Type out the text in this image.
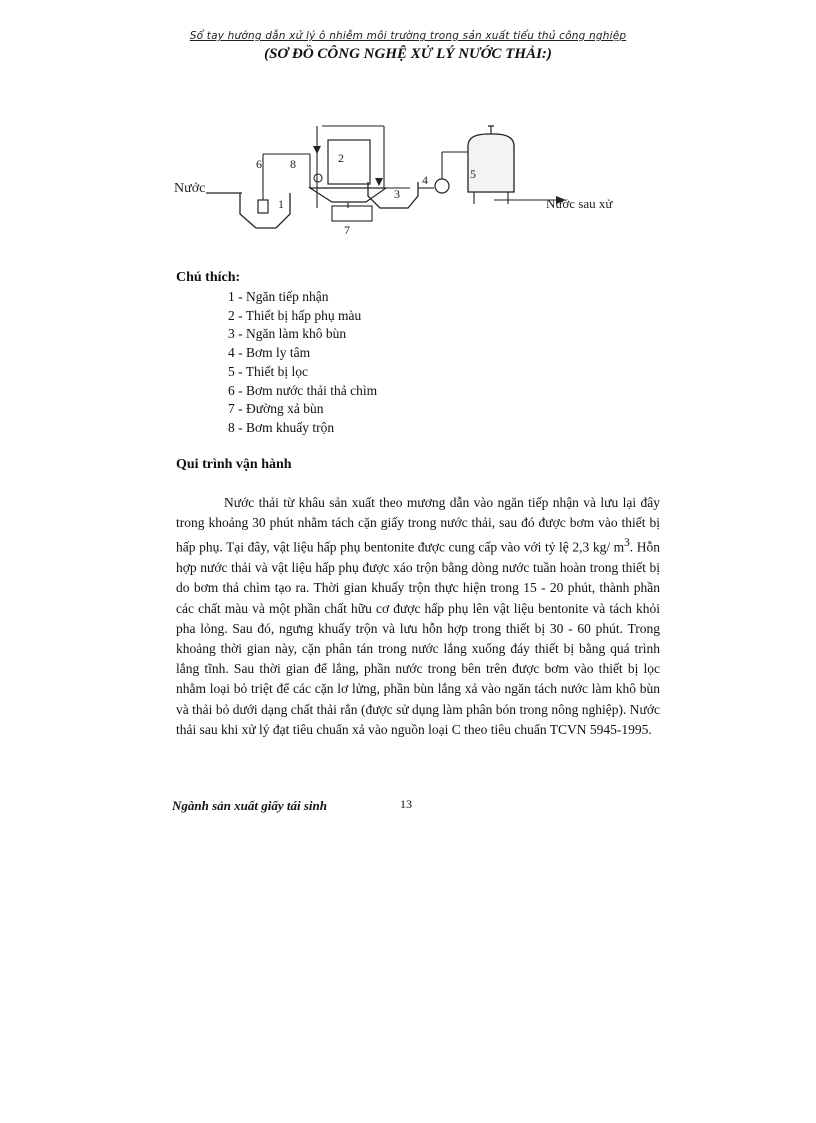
Sổ tay hướng dẫn xử lý ô nhiễm môi trường trong sản xuất tiểu thủ công nghiệp
(SƠ ĐỒ CÔNG NGHỆ XỬ LÝ NƯỚC THẢI:)
Nước
Nước sau xử
1
2
3
4	5
6
7
8
Chú thích:
1 - Ngăn tiếp nhận
2 - Thiết bị hấp phụ màu
3 - Ngăn làm khô bùn
4 - Bơm ly tâm
5 - Thiết bị lọc
6 - Bơm nước thải thả chìm
7 - Đường xả bùn
8 - Bơm khuấy trộn
Qui trình vận hành

Nước thải từ khâu sản xuất theo mương dẫn vào ngăn tiếp nhận và lưu lại đây trong khoảng 30 phút nhằm tách cặn giấy trong nước thải, sau đó được bơm vào thiết bị hấp phụ. Tại đây, vật liệu hấp phụ bentonite được cung cấp vào với tỷ lệ 2,3 kg/ $m^3$. Hỗn hợp nước thải và vật liệu hấp phụ được xáo trộn bằng dòng nước tuần hoàn trong thiết bị do bơm thả chìm tạo ra. Thời gian khuấy trộn thực hiện trong 15 - 20 phút, thành phần các chất màu và một phần chất hữu cơ được hấp phụ lên vật liệu bentonite và tách khỏi pha lỏng. Sau đó, ngưng khuấy trộn và lưu hỗn hợp trong thiết bị 30 - 60 phút. Trong khoảng thời gian này, cặn phân tán trong nước lắng xuống đáy thiết bị bằng quá trình lắng tĩnh. Sau thời gian để lắng, phần nước trong bên trên được bơm vào thiết bị lọc nhằm loại bỏ triệt để các cặn lơ lửng, phần bùn lắng xả vào ngăn tách nước làm khô bùn và thải bỏ dưới dạng chất thải rắn (được sử dụng làm phân bón trong nông nghiệp). Nước thải sau khi xử lý đạt tiêu chuẩn xả vào nguồn loại C theo tiêu chuẩn TCVN 5945-1995.

Ngành sản xuất giấy tái sinh	13
